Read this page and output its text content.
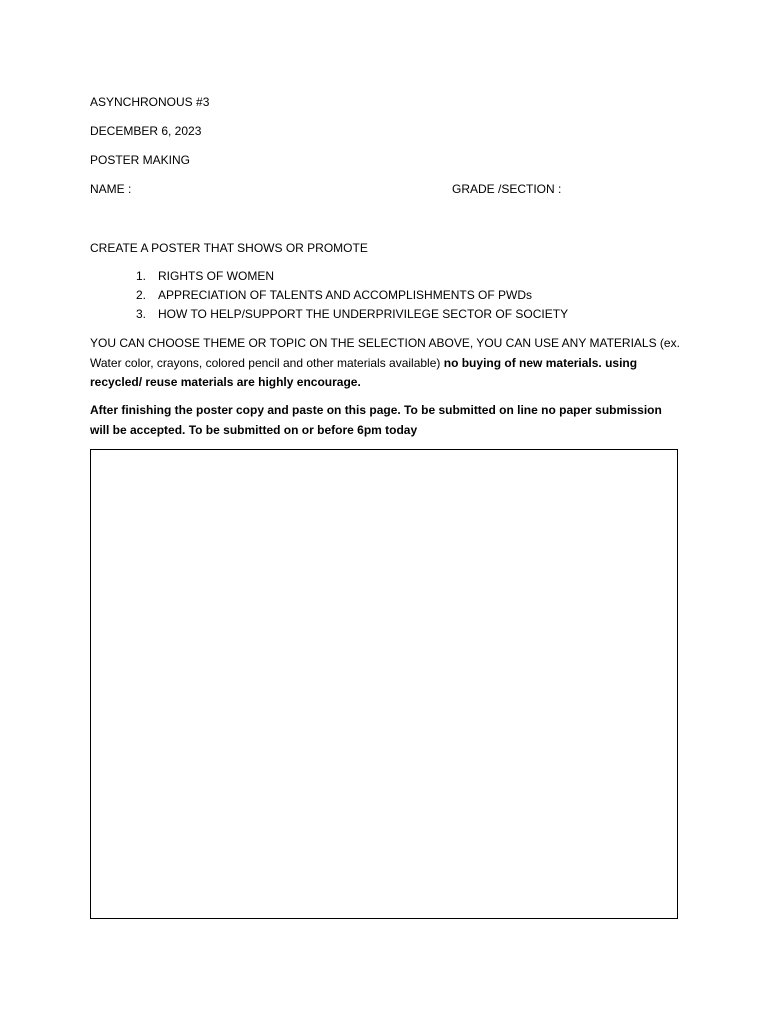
ASYNCHRONOUS #3
DECEMBER 6, 2023
POSTER MAKING
NAME :	GRADE /SECTION :
CREATE A POSTER THAT SHOWS OR PROMOTE
1. RIGHTS OF WOMEN
2. APPRECIATION OF TALENTS AND ACCOMPLISHMENTS OF PWDs
3. HOW TO HELP/SUPPORT THE UNDERPRIVILEGE SECTOR OF SOCIETY
YOU CAN CHOOSE THEME OR TOPIC ON THE SELECTION ABOVE, YOU CAN USE ANY MATERIALS (ex. Water color, crayons, colored pencil and other materials available) no buying of new materials. using recycled/ reuse materials are highly encourage.
After finishing the poster copy and paste on this page. To be submitted on line no paper submission will be accepted. To be submitted on or before 6pm today
